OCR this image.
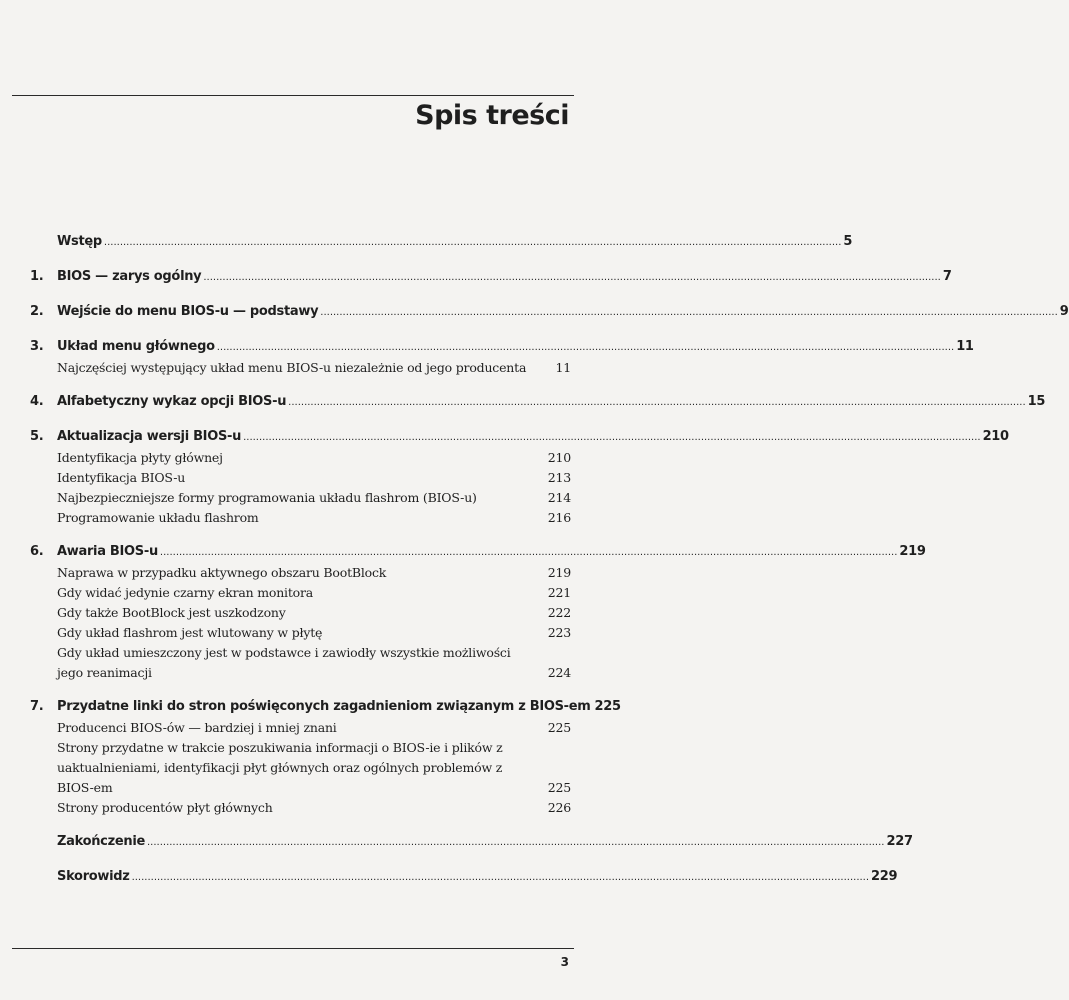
Spis treści
Wstęp .....	5
1.	BIOS — zarys ogólny .....	7
2.	Wejście do menu BIOS-u — podstawy .....	9
3.	Układ menu głównego .....	11
Najczęściej występujący układ menu BIOS-u niezależnie od jego producenta	11
4.	Alfabetyczny wykaz opcji BIOS-u .....	15
5.	Aktualizacja wersji BIOS-u .....	210
Identyfikacja płyty głównej	210
Identyfikacja BIOS-u	213
Najbezpieczniejsze formy programowania układu flashrom (BIOS-u)	214
Programowanie układu flashrom	216
6.	Awaria BIOS-u .....	219
Naprawa w przypadku aktywnego obszaru BootBlock	219
Gdy widać jedynie czarny ekran monitora	221
Gdy także BootBlock jest uszkodzony	222
Gdy układ flashrom jest wlutowany w płytę	223
Gdy układ umieszczony jest w podstawce i zawiodły wszystkie możliwości jego reanimacji	224
7.	Przydatne linki do stron poświęconych zagadnieniom związanym z BIOS-em 225
Producenci BIOS-ów — bardziej i mniej znani	225
Strony przydatne w trakcie poszukiwania informacji o BIOS-ie i plików z uaktualnieniami, identyfikacji płyt głównych oraz ogólnych problemów z BIOS-em	225
Strony producentów płyt głównych	226
Zakończenie .....	227
Skorowidz .....	229
3
